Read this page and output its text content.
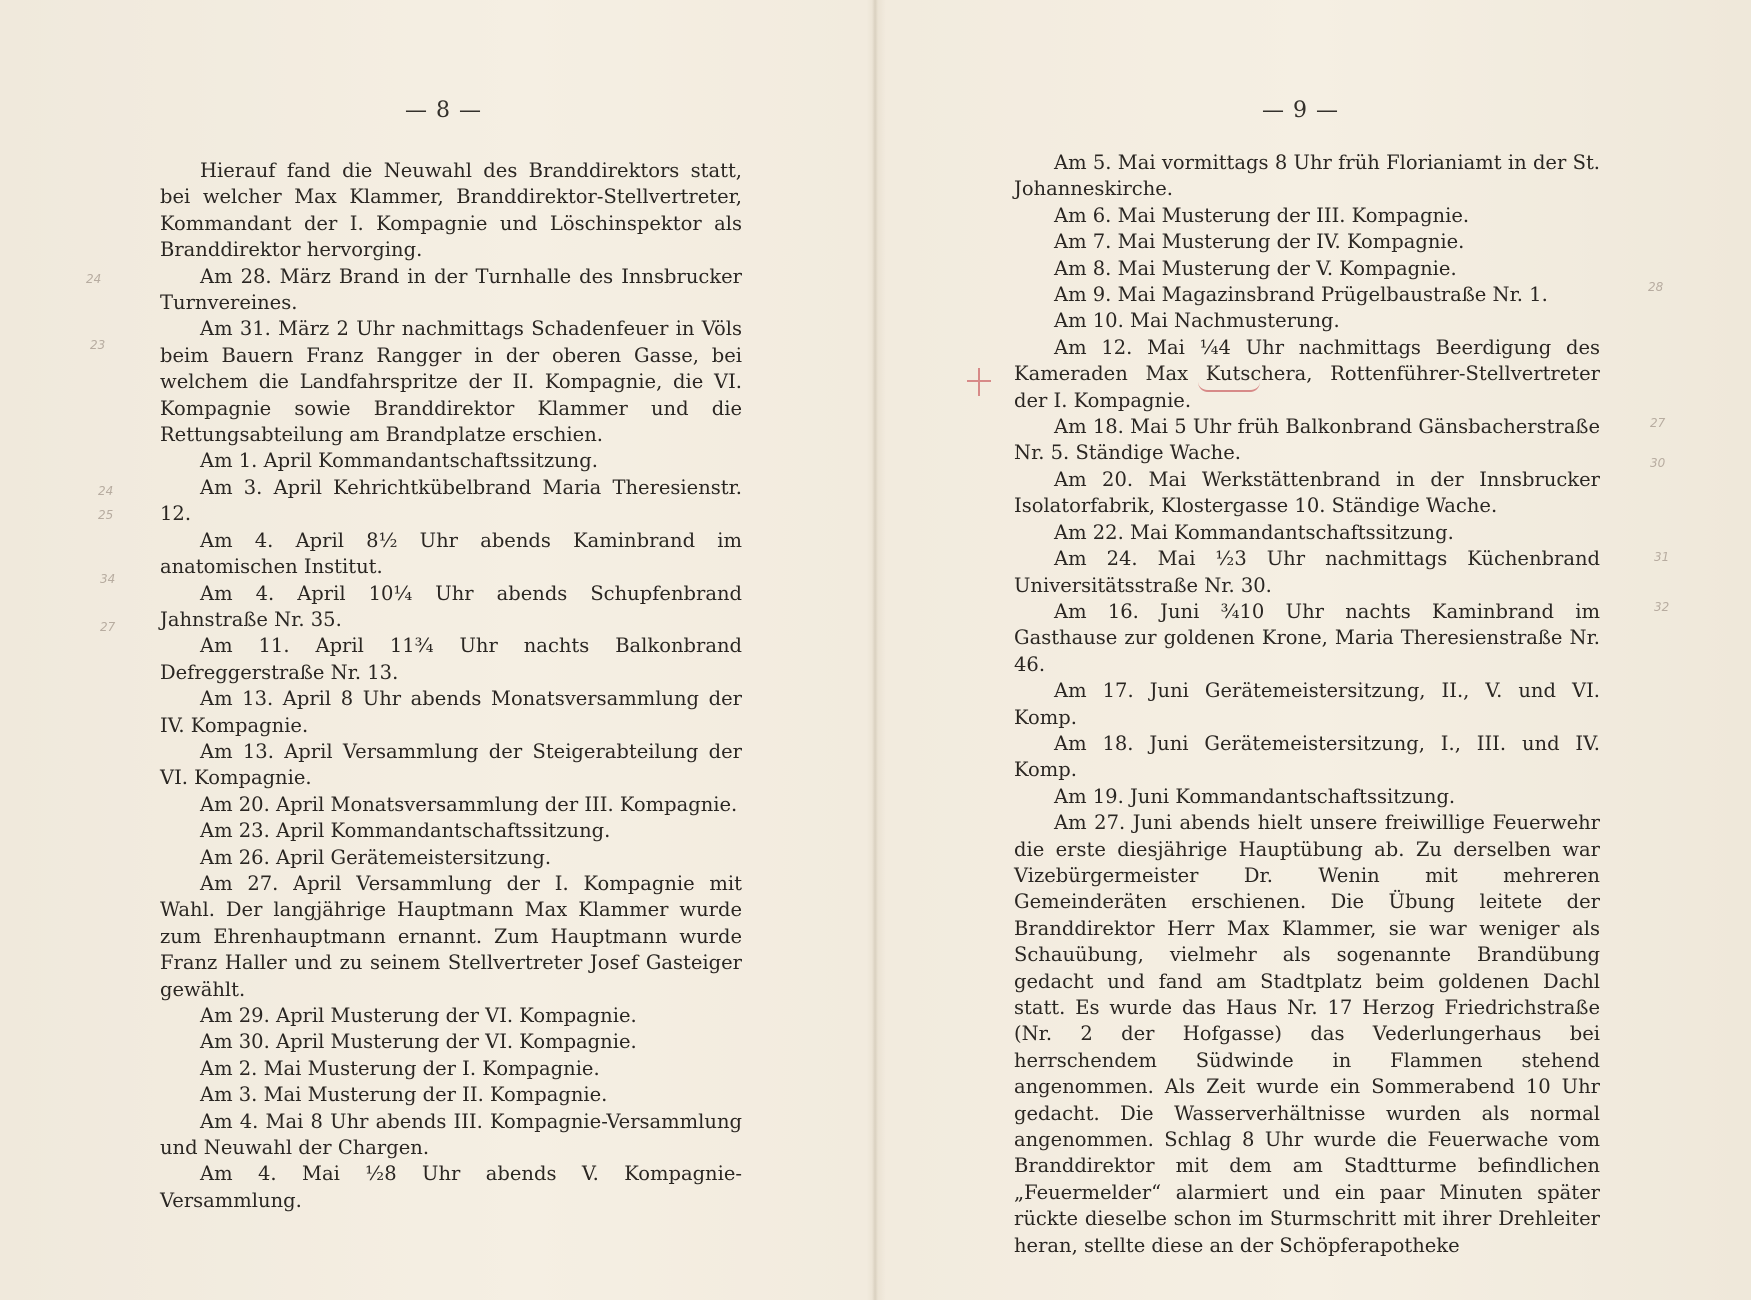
— 8 —

Hierauf fand die Neuwahl des Branddirektors statt, bei welcher Max Klammer, Branddirektor-Stellvertreter, Kommandant der I. Kompagnie und Löschinspektor als Branddirektor hervorging.

Am 28. März Brand in der Turnhalle des Innsbrucker Turnvereines.

Am 31. März 2 Uhr nachmittags Schadenfeuer in Völs beim Bauern Franz Rangger in der oberen Gasse, bei welchem die Landfahrspritze der II. Kompagnie, die VI. Kompagnie sowie Branddirektor Klammer und die Rettungsabteilung am Brandplatze erschien.

Am 1. April Kommandantschaftssitzung.

Am 3. April Kehrichtkübelbrand Maria Theresienstr. 12.

Am 4. April 8½ Uhr abends Kaminbrand im anatomischen Institut.

Am 4. April 10¼ Uhr abends Schupfenbrand Jahnstraße Nr. 35.

Am 11. April 11¾ Uhr nachts Balkonbrand Defreggerstraße Nr. 13.

Am 13. April 8 Uhr abends Monatsversammlung der IV. Kompagnie.

Am 13. April Versammlung der Steigerabteilung der VI. Kompagnie.

Am 20. April Monatsversammlung der III. Kompagnie.

Am 23. April Kommandantschaftssitzung.

Am 26. April Gerätemeistersitzung.

Am 27. April Versammlung der I. Kompagnie mit Wahl. Der langjährige Hauptmann Max Klammer wurde zum Ehrenhauptmann ernannt. Zum Hauptmann wurde Franz Haller und zu seinem Stellvertreter Josef Gasteiger gewählt.

Am 29. April Musterung der VI. Kompagnie.

Am 30. April Musterung der VI. Kompagnie.

Am 2. Mai Musterung der I. Kompagnie.

Am 3. Mai Musterung der II. Kompagnie.

Am 4. Mai 8 Uhr abends III. Kompagnie-Versammlung und Neuwahl der Chargen.

Am 4. Mai ½8 Uhr abends V. Kompagnie-Versammlung.

24
23
24
25
34
27
— 9 —

Am 5. Mai vormittags 8 Uhr früh Florianiamt in der St. Johanneskirche.

Am 6. Mai Musterung der III. Kompagnie.

Am 7. Mai Musterung der IV. Kompagnie.

Am 8. Mai Musterung der V. Kompagnie.

Am 9. Mai Magazinsbrand Prügelbaustraße Nr. 1.

Am 10. Mai Nachmusterung.

Am 12. Mai ¼4 Uhr nachmittags Beerdigung des Kameraden Max Kutschera, Rottenführer-Stellvertreter der I. Kompagnie.

Am 18. Mai 5 Uhr früh Balkonbrand Gänsbacherstraße Nr. 5. Ständige Wache.

Am 20. Mai Werkstättenbrand in der Innsbrucker Isolatorfabrik, Klostergasse 10. Ständige Wache.

Am 22. Mai Kommandantschaftssitzung.

Am 24. Mai ½3 Uhr nachmittags Küchenbrand Universitätsstraße Nr. 30.

Am 16. Juni ¾10 Uhr nachts Kaminbrand im Gasthause zur goldenen Krone, Maria Theresienstraße Nr. 46.

Am 17. Juni Gerätemeistersitzung, II., V. und VI. Komp.

Am 18. Juni Gerätemeistersitzung, I., III. und IV. Komp.

Am 19. Juni Kommandantschaftssitzung.

Am 27. Juni abends hielt unsere freiwillige Feuerwehr die erste diesjährige Hauptübung ab. Zu derselben war Vizebürgermeister Dr. Wenin mit mehreren Gemeinderäten erschienen. Die Übung leitete der Branddirektor Herr Max Klammer, sie war weniger als Schauübung, vielmehr als sogenannte Brandübung gedacht und fand am Stadtplatz beim goldenen Dachl statt. Es wurde das Haus Nr. 17 Herzog Friedrichstraße (Nr. 2 der Hofgasse) das Vederlungerhaus bei herrschendem Südwinde in Flammen stehend angenommen. Als Zeit wurde ein Sommerabend 10 Uhr gedacht. Die Wasserverhältnisse wurden als normal angenommen. Schlag 8 Uhr wurde die Feuerwache vom Branddirektor mit dem am Stadtturme befindlichen „Feuermelder“ alarmiert und ein paar Minuten später rückte dieselbe schon im Sturmschritt mit ihrer Drehleiter heran, stellte diese an der Schöpferapotheke

28
27
30
31
32
